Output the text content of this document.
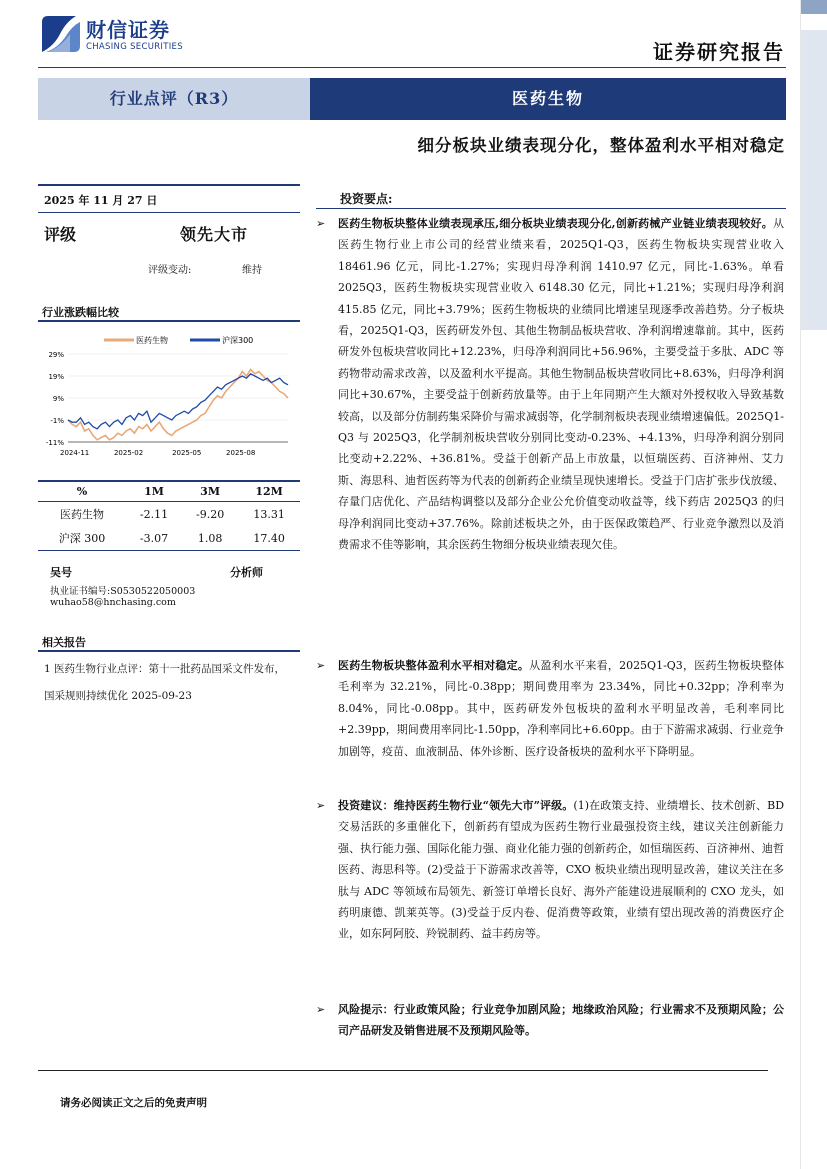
财信证券
CHASING SECURITIES	证券研究报告
行业点评（R3）	医药生物
细分板块业绩表现分化，整体盈利水平相对稳定
2025 年 11 月 27 日
评级	领先大市
评级变动:	维持
行业涨跌幅比较
医药生物	沪深300
29%
19%
9%
-1%
-11%
2024-11	2025-02	2025-05	2025-08
%	1M	3M	12M
医药生物	-2.11	-9.20	13.31
沪深 300	-3.07	1.08	17.40
吴号	分析师
执业证书编号:S0530522050003
wuhao58@hnchasing.com
相关报告
1 医药生物行业点评：第十一批药品国采文件发布，国采规则持续优化 2025-09-23
投资要点:
➢ 医药生物板块整体业绩表现承压,细分板块业绩表现分化,创新药械产业链业绩表现较好。从医药生物行业上市公司的经营业绩来看，2025Q1-Q3，医药生物板块实现营业收入 18461.96 亿元，同比-1.27%；实现归母净利润 1410.97 亿元，同比-1.63%。单看 2025Q3，医药生物板块实现营业收入 6148.30 亿元，同比+1.21%；实现归母净利润 415.85 亿元，同比+3.79%；医药生物板块的业绩同比增速呈现逐季改善趋势。分子板块看，2025Q1-Q3，医药研发外包、其他生物制品板块营收、净利润增速靠前。其中，医药研发外包板块营收同比+12.23%，归母净利润同比+56.96%，主要受益于多肽、ADC 等药物带动需求改善，以及盈利水平提高。其他生物制品板块营收同比+8.63%，归母净利润同比+30.67%，主要受益于创新药放量等。由于上年同期产生大额对外授权收入导致基数较高，以及部分仿制药集采降价与需求减弱等，化学制剂板块表现业绩增速偏低。2025Q1-Q3 与 2025Q3，化学制剂板块营收分别同比变动-0.23%、+4.13%，归母净利润分别同比变动+2.22%、+36.81%。受益于创新产品上市放量，以恒瑞医药、百济神州、艾力斯、海思科、迪哲医药等为代表的创新药企业绩呈现快速增长。受益于门店扩张步伐放缓、存量门店优化、产品结构调整以及部分企业公允价值变动收益等，线下药店 2025Q3 的归母净利润同比变动+37.76%。除前述板块之外，由于医保政策趋严、行业竞争激烈以及消费需求不佳等影响，其余医药生物细分板块业绩表现欠佳。
➢ 医药生物板块整体盈利水平相对稳定。从盈利水平来看，2025Q1-Q3，医药生物板块整体毛利率为 32.21%，同比-0.38pp；期间费用率为 23.34%，同比+0.32pp；净利率为 8.04%，同比-0.08pp。其中，医药研发外包板块的盈利水平明显改善，毛利率同比+2.39pp，期间费用率同比-1.50pp，净利率同比+6.60pp。由于下游需求减弱、行业竞争加剧等，疫苗、血液制品、体外诊断、医疗设备板块的盈利水平下降明显。
➢ 投资建议：维持医药生物行业“领先大市”评级。(1)在政策支持、业绩增长、技术创新、BD交易活跃的多重催化下，创新药有望成为医药生物行业最强投资主线，建议关注创新能力强、执行能力强、国际化能力强、商业化能力强的创新药企，如恒瑞医药、百济神州、迪哲医药、海思科等。(2)受益于下游需求改善等，CXO 板块业绩出现明显改善，建议关注在多肽与 ADC 等领域布局领先、新签订单增长良好、海外产能建设进展顺利的 CXO 龙头，如药明康德、凯莱英等。(3)受益于反内卷、促消费等政策，业绩有望出现改善的消费医疗企业，如东阿阿胶、羚锐制药、益丰药房等。
➢ 风险提示：行业政策风险；行业竞争加剧风险；地缘政治风险；行业需求不及预期风险；公司产品研发及销售进展不及预期风险等。
请务必阅读正文之后的免责声明
